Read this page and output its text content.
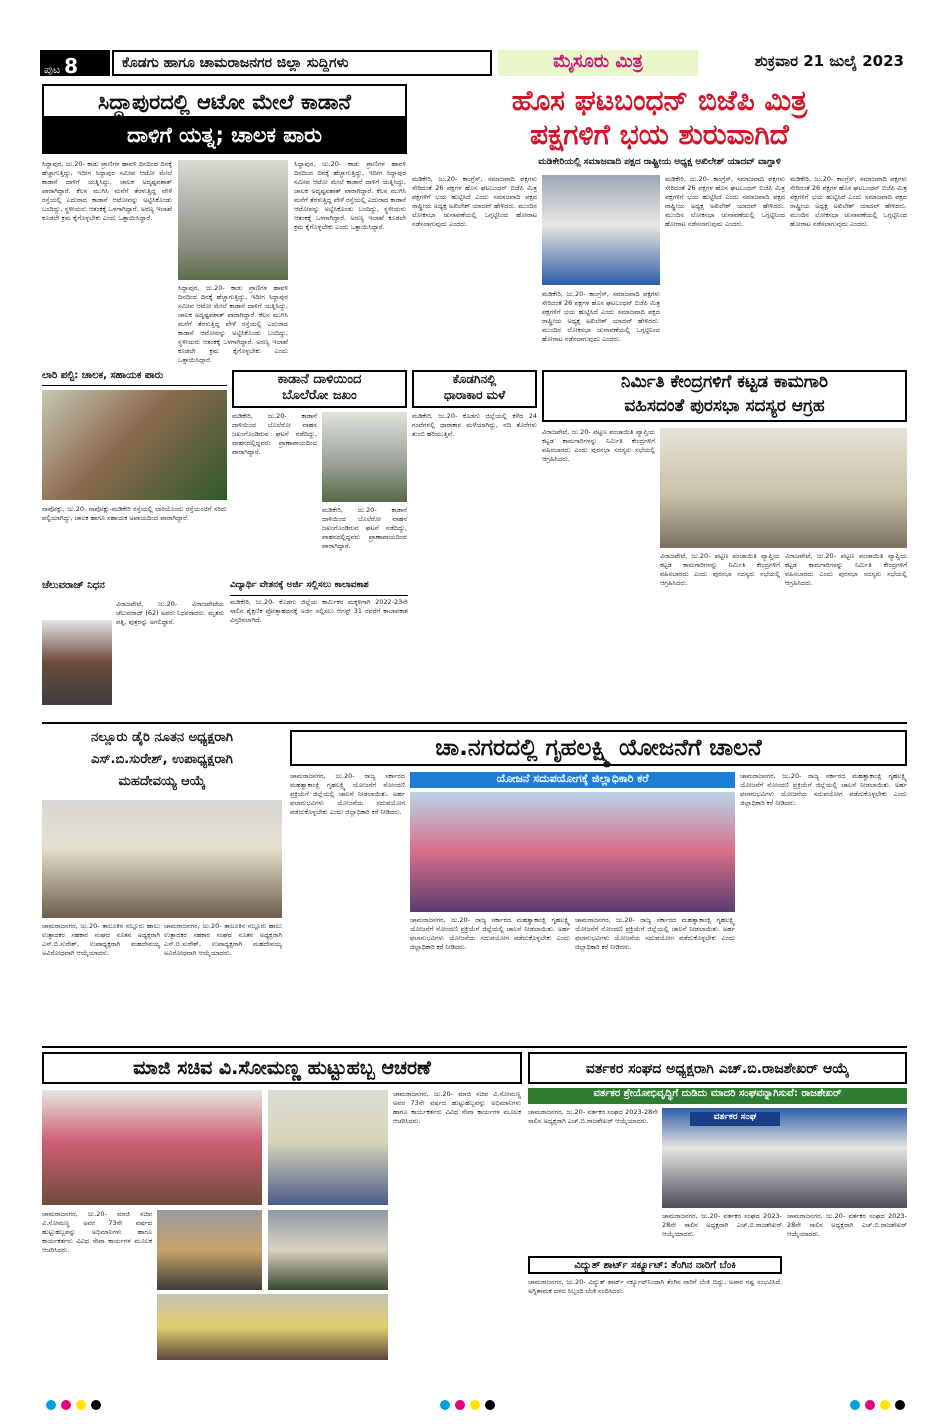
ಪುಟ 8	ಕೊಡಗು ಹಾಗೂ ಚಾಮರಾಜನಗರ ಜಿಲ್ಲಾ ಸುದ್ದಿಗಳು	ಮೈಸೂರು ಮಿತ್ರ	ಶುಕ್ರವಾರ 21 ಜುಲೈ 2023
ಸಿದ್ದಾಪುರದಲ್ಲಿ ಆಟೋ ಮೇಲೆ ಕಾಡಾನೆ
ದಾಳಿಗೆ ಯತ್ನ; ಚಾಲಕ ಪಾರು
ಸಿದ್ದಾಪುರ, ಜು.20- ಕಾಡು ಪ್ರಾಣಿಗಳ ಹಾವಳಿ ದಿನದಿಂದ ದಿನಕ್ಕೆ ಹೆಚ್ಚಾಗುತ್ತಿದ್ದು, ಇದೀಗ ಸಿದ್ದಾಪುರ ಸಮೀಪ ಆಟೋ ಮೇಲೆ ಕಾಡಾನೆ ದಾಳಿಗೆ ಯತ್ನಿಸಿದ್ದು, ಚಾಲಕ ಅದೃಷ್ಟವಶಾತ್ ಪಾರಾಗಿದ್ದಾರೆ. ಕೆಲಸ ಮುಗಿಸಿ ಮನೆಗೆ ತೆರಳುತ್ತಿದ್ದ ವೇಳೆ ರಸ್ತೆಯಲ್ಲಿ ಎದುರಾದ ಕಾಡಾನೆ ಆಟೋವನ್ನು ಅಟ್ಟಿಸಿಕೊಂಡು ಬಂದಿದ್ದು, ಸ್ಥಳೀಯರು ಆತಂಕಕ್ಕೆ ಒಳಗಾಗಿದ್ದಾರೆ. ಅರಣ್ಯ ಇಲಾಖೆ ಕೂಡಲೇ ಕ್ರಮ ಕೈಗೊಳ್ಳಬೇಕು ಎಂದು ಒತ್ತಾಯಿಸಿದ್ದಾರೆ.
ಸಿದ್ದಾಪುರ, ಜು.20- ಕಾಡು ಪ್ರಾಣಿಗಳ ಹಾವಳಿ ದಿನದಿಂದ ದಿನಕ್ಕೆ ಹೆಚ್ಚಾಗುತ್ತಿದ್ದು, ಇದೀಗ ಸಿದ್ದಾಪುರ ಸಮೀಪ ಆಟೋ ಮೇಲೆ ಕಾಡಾನೆ ದಾಳಿಗೆ ಯತ್ನಿಸಿದ್ದು, ಚಾಲಕ ಅದೃಷ್ಟವಶಾತ್ ಪಾರಾಗಿದ್ದಾರೆ. ಕೆಲಸ ಮುಗಿಸಿ ಮನೆಗೆ ತೆರಳುತ್ತಿದ್ದ ವೇಳೆ ರಸ್ತೆಯಲ್ಲಿ ಎದುರಾದ ಕಾಡಾನೆ ಆಟೋವನ್ನು ಅಟ್ಟಿಸಿಕೊಂಡು ಬಂದಿದ್ದು, ಸ್ಥಳೀಯರು ಆತಂಕಕ್ಕೆ ಒಳಗಾಗಿದ್ದಾರೆ. ಅರಣ್ಯ ಇಲಾಖೆ ಕೂಡಲೇ ಕ್ರಮ ಕೈಗೊಳ್ಳಬೇಕು ಎಂದು ಒತ್ತಾಯಿಸಿದ್ದಾರೆ.
ಸಿದ್ದಾಪುರ, ಜು.20- ಕಾಡು ಪ್ರಾಣಿಗಳ ಹಾವಳಿ ದಿನದಿಂದ ದಿನಕ್ಕೆ ಹೆಚ್ಚಾಗುತ್ತಿದ್ದು, ಇದೀಗ ಸಿದ್ದಾಪುರ ಸಮೀಪ ಆಟೋ ಮೇಲೆ ಕಾಡಾನೆ ದಾಳಿಗೆ ಯತ್ನಿಸಿದ್ದು, ಚಾಲಕ ಅದೃಷ್ಟವಶಾತ್ ಪಾರಾಗಿದ್ದಾರೆ. ಕೆಲಸ ಮುಗಿಸಿ ಮನೆಗೆ ತೆರಳುತ್ತಿದ್ದ ವೇಳೆ ರಸ್ತೆಯಲ್ಲಿ ಎದುರಾದ ಕಾಡಾನೆ ಆಟೋವನ್ನು ಅಟ್ಟಿಸಿಕೊಂಡು ಬಂದಿದ್ದು, ಸ್ಥಳೀಯರು ಆತಂಕಕ್ಕೆ ಒಳಗಾಗಿದ್ದಾರೆ. ಅರಣ್ಯ ಇಲಾಖೆ ಕೂಡಲೇ ಕ್ರಮ ಕೈಗೊಳ್ಳಬೇಕು ಎಂದು ಒತ್ತಾಯಿಸಿದ್ದಾರೆ.
ಲಾರಿ ಪಲ್ಟಿ: ಚಾಲಕ, ಸಹಾಯಕ ಪಾರು
ನಾಪೋಕ್ಲು, ಜು.20- ನಾಪೋಕ್ಲು-ಮಡಿಕೇರಿ ರಸ್ತೆಯಲ್ಲಿ ಲಾರಿಯೊಂದು ರಸ್ತೆಯಂಚಿಗೆ ಸರಿದು ಪಲ್ಟಿಯಾಗಿದ್ದು, ಚಾಲಕ ಹಾಗೂ ಸಹಾಯಕ ಅಪಾಯದಿಂದ ಪಾರಾಗಿದ್ದಾರೆ.
ಕಾಡಾನೆ ದಾಳಿಯಿಂದ
ಬೊಲೆರೋ ಜಖಂ
ಮಡಿಕೇರಿ, ಜು.20- ಕಾಡಾನೆ ದಾಳಿಯಿಂದ ಬೊಲೆರೋ ವಾಹನ ಜಖಂಗೊಂಡಿರುವ ಘಟನೆ ನಡೆದಿದ್ದು, ವಾಹನದಲ್ಲಿದ್ದವರು ಪ್ರಾಣಾಪಾಯದಿಂದ ಪಾರಾಗಿದ್ದಾರೆ.
ಮಡಿಕೇರಿ, ಜು.20- ಕಾಡಾನೆ ದಾಳಿಯಿಂದ ಬೊಲೆರೋ ವಾಹನ ಜಖಂಗೊಂಡಿರುವ ಘಟನೆ ನಡೆದಿದ್ದು, ವಾಹನದಲ್ಲಿದ್ದವರು ಪ್ರಾಣಾಪಾಯದಿಂದ ಪಾರಾಗಿದ್ದಾರೆ.
ಚೆಲುವರಾಜ್ ನಿಧನ
ವಿರಾಜಪೇಟೆ, ಜು.20- ವಿರಾಜಪೇಟೆಯ ಚೆಲುವರಾಜ್ (62) ಅವರು ನಿಧನರಾದರು. ಮೃತರು ಪತ್ನಿ, ಪುತ್ರರನ್ನು ಅಗಲಿದ್ದಾರೆ.
ವಿದ್ಯಾರ್ಥಿ ವೇತನಕ್ಕೆ ಅರ್ಜಿ ಸಲ್ಲಿಸಲು ಕಾಲಾವಕಾಶ
ಮಡಿಕೇರಿ, ಜು.20- ಕೊಡಗು ಜಿಲ್ಲೆಯ ಕಾರ್ಮಿಕರ ಮಕ್ಕಳಿಗಾಗಿ 2022-23ನೇ ಸಾಲಿನ ಶೈಕ್ಷಣಿಕ ಪ್ರೋತ್ಸಾಹಧನಕ್ಕೆ ಅರ್ಜಿ ಸಲ್ಲಿಸಲು ಆಗಸ್ಟ್ 31 ರವರೆಗೆ ಕಾಲಾವಕಾಶ ವಿಸ್ತರಿಸಲಾಗಿದೆ.
ಹೊಸ ಘಟಬಂಧನ್ ಬಿಜೆಪಿ ಮಿತ್ರ
ಪಕ್ಷಗಳಿಗೆ ಭಯ ಶುರುವಾಗಿದೆ
ಮಡಿಕೇರಿಯಲ್ಲಿ ಸಮಾಜವಾದಿ ಪಕ್ಷದ ರಾಷ್ಟ್ರೀಯ ಅಧ್ಯಕ್ಷ ಅಖಿಲೇಶ್ ಯಾದವ್ ವಾಗ್ದಾಳಿ
ಮಡಿಕೇರಿ, ಜು.20- ಕಾಂಗ್ರೆಸ್, ಸಮಾಜವಾದಿ ಪಕ್ಷಗಳು ಸೇರಿದಂತೆ 26 ಪಕ್ಷಗಳ ಹೊಸ ಘಟಬಂಧನ್ ಬಿಜೆಪಿ ಮಿತ್ರ ಪಕ್ಷಗಳಿಗೆ ಭಯ ಹುಟ್ಟಿಸಿದೆ ಎಂದು ಸಮಾಜವಾದಿ ಪಕ್ಷದ ರಾಷ್ಟ್ರೀಯ ಅಧ್ಯಕ್ಷ ಅಖಿಲೇಶ್ ಯಾದವ್ ಹೇಳಿದರು. ಮುಂದಿನ ಲೋಕಸಭಾ ಚುನಾವಣೆಯಲ್ಲಿ ಒಗ್ಗಟ್ಟಿನಿಂದ ಹೋರಾಟ ನಡೆಸಲಾಗುವುದು ಎಂದರು.
ಮಡಿಕೇರಿ, ಜು.20- ಕಾಂಗ್ರೆಸ್, ಸಮಾಜವಾದಿ ಪಕ್ಷಗಳು ಸೇರಿದಂತೆ 26 ಪಕ್ಷಗಳ ಹೊಸ ಘಟಬಂಧನ್ ಬಿಜೆಪಿ ಮಿತ್ರ ಪಕ್ಷಗಳಿಗೆ ಭಯ ಹುಟ್ಟಿಸಿದೆ ಎಂದು ಸಮಾಜವಾದಿ ಪಕ್ಷದ ರಾಷ್ಟ್ರೀಯ ಅಧ್ಯಕ್ಷ ಅಖಿಲೇಶ್ ಯಾದವ್ ಹೇಳಿದರು. ಮುಂದಿನ ಲೋಕಸಭಾ ಚುನಾವಣೆಯಲ್ಲಿ ಒಗ್ಗಟ್ಟಿನಿಂದ ಹೋರಾಟ ನಡೆಸಲಾಗುವುದು ಎಂದರು.
ಮಡಿಕೇರಿ, ಜು.20- ಕಾಂಗ್ರೆಸ್, ಸಮಾಜವಾದಿ ಪಕ್ಷಗಳು ಸೇರಿದಂತೆ 26 ಪಕ್ಷಗಳ ಹೊಸ ಘಟಬಂಧನ್ ಬಿಜೆಪಿ ಮಿತ್ರ ಪಕ್ಷಗಳಿಗೆ ಭಯ ಹುಟ್ಟಿಸಿದೆ ಎಂದು ಸಮಾಜವಾದಿ ಪಕ್ಷದ ರಾಷ್ಟ್ರೀಯ ಅಧ್ಯಕ್ಷ ಅಖಿಲೇಶ್ ಯಾದವ್ ಹೇಳಿದರು. ಮುಂದಿನ ಲೋಕಸಭಾ ಚುನಾವಣೆಯಲ್ಲಿ ಒಗ್ಗಟ್ಟಿನಿಂದ ಹೋರಾಟ ನಡೆಸಲಾಗುವುದು ಎಂದರು.
ಮಡಿಕೇರಿ, ಜು.20- ಕಾಂಗ್ರೆಸ್, ಸಮಾಜವಾದಿ ಪಕ್ಷಗಳು ಸೇರಿದಂತೆ 26 ಪಕ್ಷಗಳ ಹೊಸ ಘಟಬಂಧನ್ ಬಿಜೆಪಿ ಮಿತ್ರ ಪಕ್ಷಗಳಿಗೆ ಭಯ ಹುಟ್ಟಿಸಿದೆ ಎಂದು ಸಮಾಜವಾದಿ ಪಕ್ಷದ ರಾಷ್ಟ್ರೀಯ ಅಧ್ಯಕ್ಷ ಅಖಿಲೇಶ್ ಯಾದವ್ ಹೇಳಿದರು. ಮುಂದಿನ ಲೋಕಸಭಾ ಚುನಾವಣೆಯಲ್ಲಿ ಒಗ್ಗಟ್ಟಿನಿಂದ ಹೋರಾಟ ನಡೆಸಲಾಗುವುದು ಎಂದರು.
ಕೊಡಗಿನಲ್ಲಿ
ಧಾರಾಕಾರ ಮಳೆ
ಮಡಿಕೇರಿ, ಜು.20- ಕೊಡಗು ಜಿಲ್ಲೆಯಲ್ಲಿ ಕಳೆದ 24 ಗಂಟೆಗಳಲ್ಲಿ ಧಾರಾಕಾರ ಮಳೆಯಾಗಿದ್ದು, ನದಿ ತೊರೆಗಳು ತುಂಬಿ ಹರಿಯುತ್ತಿವೆ.
ನಿರ್ಮಿತಿ ಕೇಂದ್ರಗಳಿಗೆ ಕಟ್ಟಡ ಕಾಮಗಾರಿ
ವಹಿಸದಂತೆ ಪುರಸಭಾ ಸದಸ್ಯರ ಆಗ್ರಹ
ವಿರಾಜಪೇಟೆ, ಜು.20- ಪಟ್ಟಣ ಪಂಚಾಯಿತಿ ವ್ಯಾಪ್ತಿಯ ಕಟ್ಟಡ ಕಾಮಗಾರಿಗಳನ್ನು ನಿರ್ಮಿತಿ ಕೇಂದ್ರಗಳಿಗೆ ವಹಿಸಬಾರದು ಎಂದು ಪುರಸಭಾ ಸದಸ್ಯರು ಸಭೆಯಲ್ಲಿ ಆಗ್ರಹಿಸಿದರು.
ವಿರಾಜಪೇಟೆ, ಜು.20- ಪಟ್ಟಣ ಪಂಚಾಯಿತಿ ವ್ಯಾಪ್ತಿಯ ಕಟ್ಟಡ ಕಾಮಗಾರಿಗಳನ್ನು ನಿರ್ಮಿತಿ ಕೇಂದ್ರಗಳಿಗೆ ವಹಿಸಬಾರದು ಎಂದು ಪುರಸಭಾ ಸದಸ್ಯರು ಸಭೆಯಲ್ಲಿ ಆಗ್ರಹಿಸಿದರು.
ವಿರಾಜಪೇಟೆ, ಜು.20- ಪಟ್ಟಣ ಪಂಚಾಯಿತಿ ವ್ಯಾಪ್ತಿಯ ಕಟ್ಟಡ ಕಾಮಗಾರಿಗಳನ್ನು ನಿರ್ಮಿತಿ ಕೇಂದ್ರಗಳಿಗೆ ವಹಿಸಬಾರದು ಎಂದು ಪುರಸಭಾ ಸದಸ್ಯರು ಸಭೆಯಲ್ಲಿ ಆಗ್ರಹಿಸಿದರು.
ನಲ್ಲೂರು ಡೈರಿ ನೂತನ ಅಧ್ಯಕ್ಷರಾಗಿ
ಎಸ್.ಬಿ.ಸುರೇಶ್, ಉಪಾಧ್ಯಕ್ಷರಾಗಿ
ಮಹದೇವಯ್ಯ ಆಯ್ಕೆ
ಚಾಮರಾಜನಗರ, ಜು.20- ತಾಲೂಕಿನ ನಲ್ಲೂರು ಹಾಲು ಉತ್ಪಾದಕರ ಸಹಕಾರ ಸಂಘದ ನೂತನ ಅಧ್ಯಕ್ಷರಾಗಿ ಎಸ್.ಬಿ.ಸುರೇಶ್, ಉಪಾಧ್ಯಕ್ಷರಾಗಿ ಮಹದೇವಯ್ಯ ಅವಿರೋಧವಾಗಿ ಆಯ್ಕೆಯಾದರು.
ಚಾಮರಾಜನಗರ, ಜು.20- ತಾಲೂಕಿನ ನಲ್ಲೂರು ಹಾಲು ಉತ್ಪಾದಕರ ಸಹಕಾರ ಸಂಘದ ನೂತನ ಅಧ್ಯಕ್ಷರಾಗಿ ಎಸ್.ಬಿ.ಸುರೇಶ್, ಉಪಾಧ್ಯಕ್ಷರಾಗಿ ಮಹದೇವಯ್ಯ ಅವಿರೋಧವಾಗಿ ಆಯ್ಕೆಯಾದರು.
ಚಾ.ನಗರದಲ್ಲಿ ಗೃಹಲಕ್ಷ್ಮಿ ಯೋಜನೆಗೆ ಚಾಲನೆ
ಚಾಮರಾಜನಗರ, ಜು.20- ರಾಜ್ಯ ಸರ್ಕಾರದ ಮಹತ್ವಾಕಾಂಕ್ಷಿ ಗೃಹಲಕ್ಷ್ಮಿ ಯೋಜನೆಗೆ ನೋಂದಣಿ ಪ್ರಕ್ರಿಯೆಗೆ ಜಿಲ್ಲೆಯಲ್ಲಿ ಚಾಲನೆ ನೀಡಲಾಯಿತು. ಅರ್ಹ ಫಲಾನುಭವಿಗಳು ಯೋಜನೆಯ ಸದುಪಯೋಗ ಪಡೆದುಕೊಳ್ಳಬೇಕು ಎಂದು ಜಿಲ್ಲಾಧಿಕಾರಿ ಕರೆ ನೀಡಿದರು.
ಯೋಜನೆ ಸದುಪಯೋಗಕ್ಕೆ ಜಿಲ್ಲಾಧಿಕಾರಿ ಕರೆ
ಚಾಮರಾಜನಗರ, ಜು.20- ರಾಜ್ಯ ಸರ್ಕಾರದ ಮಹತ್ವಾಕಾಂಕ್ಷಿ ಗೃಹಲಕ್ಷ್ಮಿ ಯೋಜನೆಗೆ ನೋಂದಣಿ ಪ್ರಕ್ರಿಯೆಗೆ ಜಿಲ್ಲೆಯಲ್ಲಿ ಚಾಲನೆ ನೀಡಲಾಯಿತು. ಅರ್ಹ ಫಲಾನುಭವಿಗಳು ಯೋಜನೆಯ ಸದುಪಯೋಗ ಪಡೆದುಕೊಳ್ಳಬೇಕು ಎಂದು ಜಿಲ್ಲಾಧಿಕಾರಿ ಕರೆ ನೀಡಿದರು.
ಚಾಮರಾಜನಗರ, ಜು.20- ರಾಜ್ಯ ಸರ್ಕಾರದ ಮಹತ್ವಾಕಾಂಕ್ಷಿ ಗೃಹಲಕ್ಷ್ಮಿ ಯೋಜನೆಗೆ ನೋಂದಣಿ ಪ್ರಕ್ರಿಯೆಗೆ ಜಿಲ್ಲೆಯಲ್ಲಿ ಚಾಲನೆ ನೀಡಲಾಯಿತು. ಅರ್ಹ ಫಲಾನುಭವಿಗಳು ಯೋಜನೆಯ ಸದುಪಯೋಗ ಪಡೆದುಕೊಳ್ಳಬೇಕು ಎಂದು ಜಿಲ್ಲಾಧಿಕಾರಿ ಕರೆ ನೀಡಿದರು.
ಚಾಮರಾಜನಗರ, ಜು.20- ರಾಜ್ಯ ಸರ್ಕಾರದ ಮಹತ್ವಾಕಾಂಕ್ಷಿ ಗೃಹಲಕ್ಷ್ಮಿ ಯೋಜನೆಗೆ ನೋಂದಣಿ ಪ್ರಕ್ರಿಯೆಗೆ ಜಿಲ್ಲೆಯಲ್ಲಿ ಚಾಲನೆ ನೀಡಲಾಯಿತು. ಅರ್ಹ ಫಲಾನುಭವಿಗಳು ಯೋಜನೆಯ ಸದುಪಯೋಗ ಪಡೆದುಕೊಳ್ಳಬೇಕು ಎಂದು ಜಿಲ್ಲಾಧಿಕಾರಿ ಕರೆ ನೀಡಿದರು.
ಮಾಜಿ ಸಚಿವ ವಿ.ಸೋಮಣ್ಣ ಹುಟ್ಟುಹಬ್ಬ ಆಚರಣೆ
ಚಾಮರಾಜನಗರ, ಜು.20- ಮಾಜಿ ಸಚಿವ ವಿ.ಸೋಮಣ್ಣ ಅವರ 73ನೇ ವರ್ಷದ ಹುಟ್ಟುಹಬ್ಬವನ್ನು ಅಭಿಮಾನಿಗಳು ಹಾಗೂ ಕಾರ್ಯಕರ್ತರು ವಿವಿಧ ಸೇವಾ ಕಾರ್ಯಗಳ ಮೂಲಕ ಆಚರಿಸಿದರು.
ಚಾಮರಾಜನಗರ, ಜು.20- ಮಾಜಿ ಸಚಿವ ವಿ.ಸೋಮಣ್ಣ ಅವರ 73ನೇ ವರ್ಷದ ಹುಟ್ಟುಹಬ್ಬವನ್ನು ಅಭಿಮಾನಿಗಳು ಹಾಗೂ ಕಾರ್ಯಕರ್ತರು ವಿವಿಧ ಸೇವಾ ಕಾರ್ಯಗಳ ಮೂಲಕ ಆಚರಿಸಿದರು.
ವರ್ತಕರ ಸಂಘದ ಅಧ್ಯಕ್ಷರಾಗಿ ಎಚ್.ಬಿ.ರಾಜಶೇಖರ್ ಆಯ್ಕೆ
ವರ್ತಕರ ಶ್ರೇಯೋಭಿವೃದ್ಧಿಗೆ ದುಡಿದು ಮಾದರಿ ಸಂಘವನ್ನಾಗಿಸುವೆ: ರಾಜಶೇಖರ್
ಚಾಮರಾಜನಗರ, ಜು.20- ವರ್ತಕರ ಸಂಘದ 2023-28ನೇ ಸಾಲಿನ ಅಧ್ಯಕ್ಷರಾಗಿ ಎಚ್.ಬಿ.ರಾಜಶೇಖರ್ ಆಯ್ಕೆಯಾದರು.	ವರ್ತಕರ ಸಂಘ
ಚಾಮರಾಜನಗರ, ಜು.20- ವರ್ತಕರ ಸಂಘದ 2023-28ನೇ ಸಾಲಿನ ಅಧ್ಯಕ್ಷರಾಗಿ ಎಚ್.ಬಿ.ರಾಜಶೇಖರ್ ಆಯ್ಕೆಯಾದರು.
ಚಾಮರಾಜನಗರ, ಜು.20- ವರ್ತಕರ ಸಂಘದ 2023-28ನೇ ಸಾಲಿನ ಅಧ್ಯಕ್ಷರಾಗಿ ಎಚ್.ಬಿ.ರಾಜಶೇಖರ್ ಆಯ್ಕೆಯಾದರು.
ವಿದ್ಯುತ್ ಶಾರ್ಟ್ ಸರ್ಕ್ಯೂಟ್: ತೆಂಗಿನ ನಾರಿಗೆ ಬೆಂಕಿ
ಚಾಮರಾಜನಗರ, ಜು.20- ವಿದ್ಯುತ್ ಶಾರ್ಟ್ ಸರ್ಕ್ಯೂಟ್‌ನಿಂದಾಗಿ ತೆಂಗಿನ ನಾರಿಗೆ ಬೆಂಕಿ ಬಿದ್ದು, ಅಪಾರ ನಷ್ಟ ಸಂಭವಿಸಿದೆ. ಅಗ್ನಿಶಾಮಕ ದಳದ ಸಿಬ್ಬಂದಿ ಬೆಂಕಿ ನಂದಿಸಿದರು.
